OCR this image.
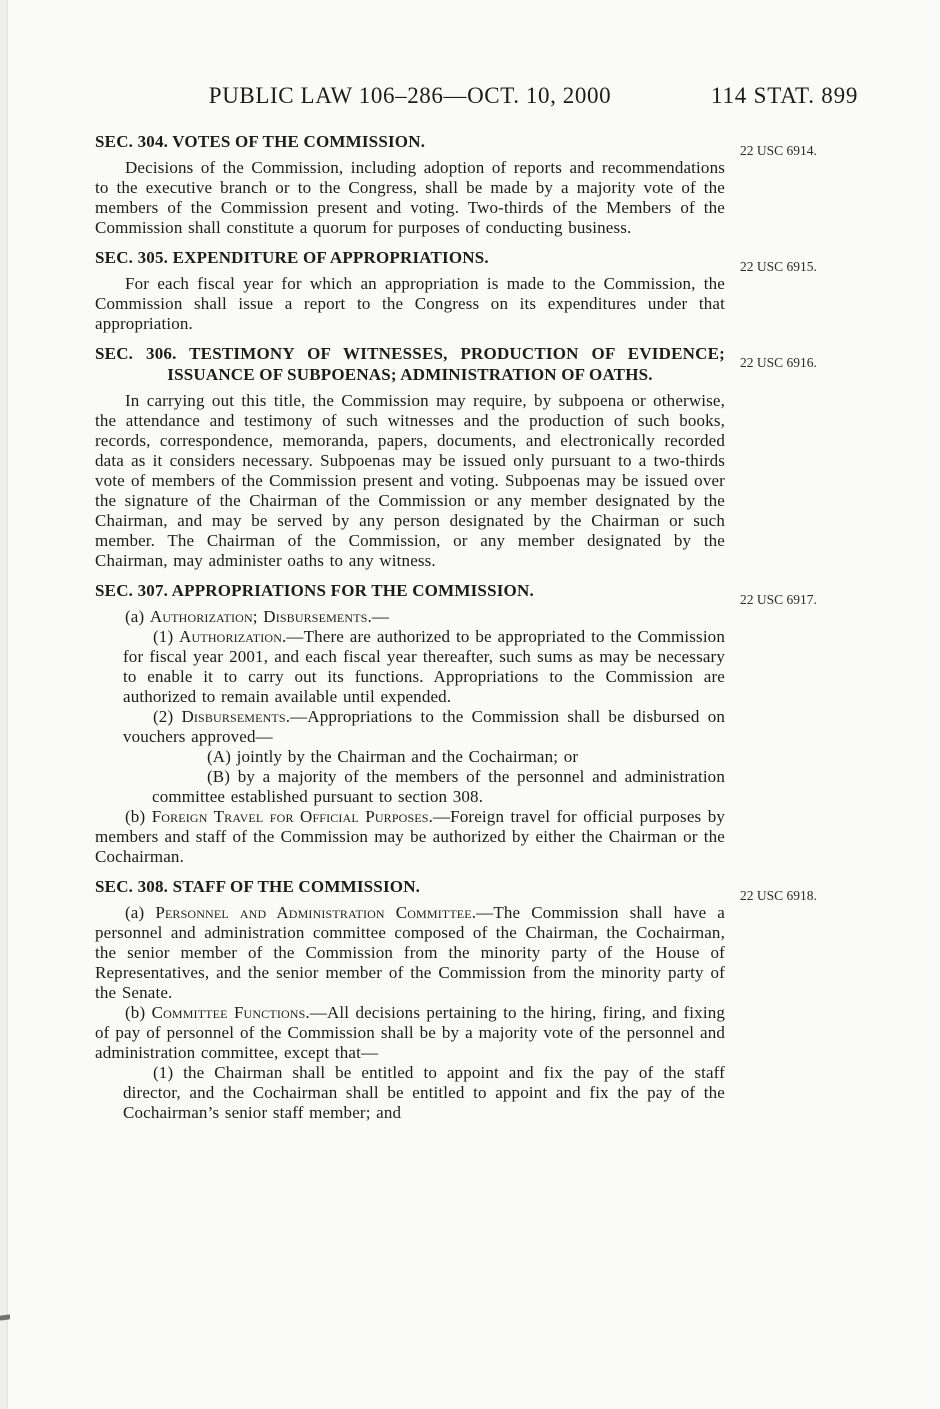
PUBLIC LAW 106–286—OCT. 10, 2000	114 STAT. 899
SEC. 304. VOTES OF THE COMMISSION.	22 USC 6914.

Decisions of the Commission, including adoption of reports and recommendations to the executive branch or to the Congress, shall be made by a majority vote of the members of the Commission present and voting. Two-thirds of the Members of the Commission shall constitute a quorum for purposes of conducting business.

SEC. 305. EXPENDITURE OF APPROPRIATIONS.	22 USC 6915.

For each fiscal year for which an appropriation is made to the Commission, the Commission shall issue a report to the Congress on its expenditures under that appropriation.

SEC. 306. TESTIMONY OF WITNESSES, PRODUCTION OF EVIDENCE;
ISSUANCE OF SUBPOENAS; ADMINISTRATION OF OATHS.
22 USC 6916.

In carrying out this title, the Commission may require, by subpoena or otherwise, the attendance and testimony of such witnesses and the production of such books, records, correspondence, memoranda, papers, documents, and electronically recorded data as it considers necessary. Subpoenas may be issued only pursuant to a two-thirds vote of members of the Commission present and voting. Subpoenas may be issued over the signature of the Chairman of the Commission or any member designated by the Chairman, and may be served by any person designated by the Chairman or such member. The Chairman of the Commission, or any member designated by the Chairman, may administer oaths to any witness.

SEC. 307. APPROPRIATIONS FOR THE COMMISSION.	22 USC 6917.

(a) Authorization; Disbursements.—

(1) Authorization.—There are authorized to be appropriated to the Commission for fiscal year 2001, and each fiscal year thereafter, such sums as may be necessary to enable it to carry out its functions. Appropriations to the Commission are authorized to remain available until expended.

(2) Disbursements.—Appropriations to the Commission shall be disbursed on vouchers approved—

(A) jointly by the Chairman and the Cochairman; or

(B) by a majority of the members of the personnel and administration committee established pursuant to section 308.

(b) Foreign Travel for Official Purposes.—Foreign travel for official purposes by members and staff of the Commission may be authorized by either the Chairman or the Cochairman.

SEC. 308. STAFF OF THE COMMISSION.	22 USC 6918.

(a) Personnel and Administration Committee.—The Commission shall have a personnel and administration committee composed of the Chairman, the Cochairman, the senior member of the Commission from the minority party of the House of Representatives, and the senior member of the Commission from the minority party of the Senate.

(b) Committee Functions.—All decisions pertaining to the hiring, firing, and fixing of pay of personnel of the Commission shall be by a majority vote of the personnel and administration committee, except that—

(1) the Chairman shall be entitled to appoint and fix the pay of the staff director, and the Cochairman shall be entitled to appoint and fix the pay of the Cochairman’s senior staff member; and
